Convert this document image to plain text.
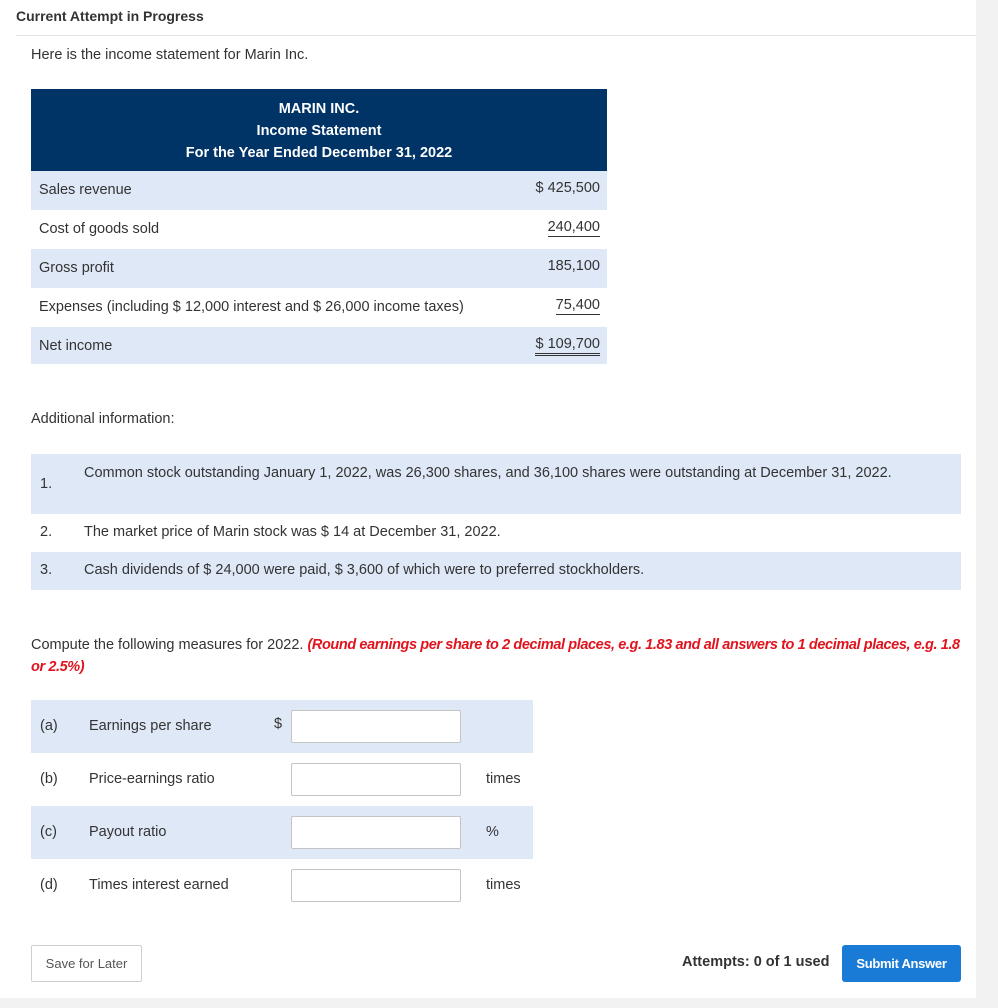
Current Attempt in Progress
Here is the income statement for Marin Inc.
MARIN INC.
Income Statement
For the Year Ended December 31, 2022
Sales revenue	$ 425,500
Cost of goods sold	240,400
Gross profit	185,100
Expenses (including $ 12,000 interest and $ 26,000 income taxes)	75,400
Net income	$ 109,700
Additional information:
1.
Common stock outstanding January 1, 2022, was 26,300 shares, and 36,100 shares were outstanding at December 31, 2022.
2. The market price of Marin stock was $ 14 at December 31, 2022.
3. Cash dividends of $ 24,000 were paid, $ 3,600 of which were to preferred stockholders.
Compute the following measures for 2022. (Round earnings per share to 2 decimal places, e.g. 1.83 and all answers to 1 decimal places, e.g. 1.8 or 2.5%)
(a) Earnings per share	$
(b) Price-earnings ratio	times
(c) Payout ratio	%
(d) Times interest earned	times
Save for Later	Attempts: 0 of 1 used	Submit Answer
